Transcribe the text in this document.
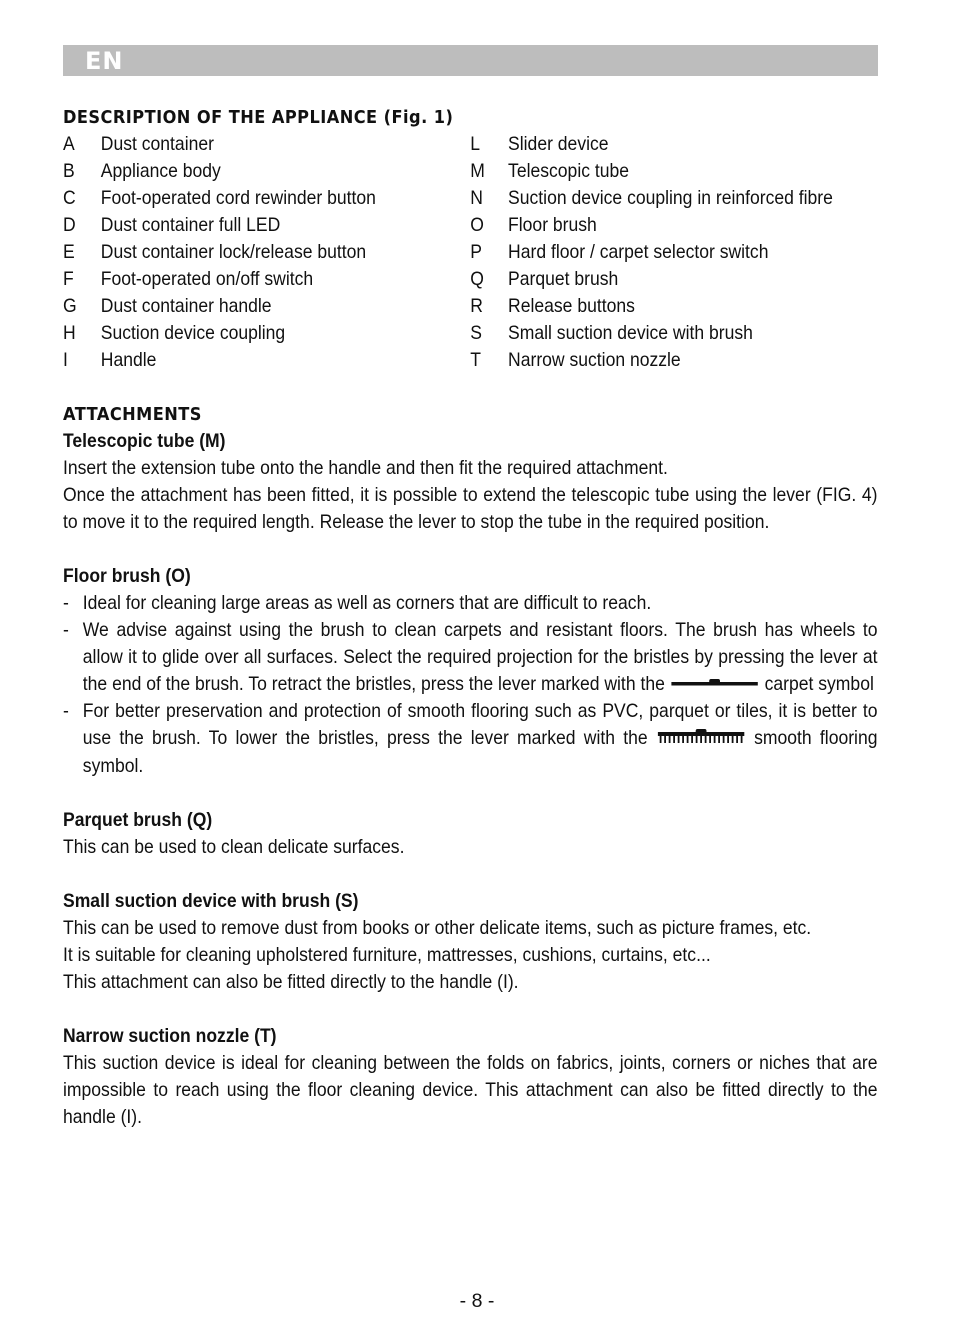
EN
DESCRIPTION OF THE APPLIANCE (Fig. 1)
A	Dust container
B	Appliance body
C	Foot-operated cord rewinder button
D	Dust container full LED
E	Dust container lock/release button
F	Foot-operated on/off switch
G	Dust container handle
H	Suction device coupling
I	Handle
L	Slider device
M	Telescopic tube
N	Suction device coupling in reinforced fibre
O	Floor brush
P	Hard floor / carpet selector switch
Q	Parquet brush
R	Release buttons
S	Small suction device with brush
T	Narrow suction nozzle
ATTACHMENTS
Telescopic tube (M)

Insert the extension tube onto the handle and then fit the required attachment.

Once the attachment has been fitted, it is possible to extend the telescopic tube using the lever (FIG. 4) to move it to the required length. Release the lever to stop the tube in the required position.

Floor brush (O)
- Ideal for cleaning large areas as well as corners that are difficult to reach.
- We advise against using the brush to clean carpets and resistant floors. The brush has wheels to allow it to glide over all surfaces. Select the required projection for the bristles by pressing the lever at the end of the brush. To retract the bristles, press the lever marked with the	carpet symbol
- For better preservation and protection of smooth flooring such as PVC, parquet or tiles, it is better to use the brush. To lower the bristles, press the lever marked with the	smooth flooring symbol.
Parquet brush (Q)

This can be used to clean delicate surfaces.

Small suction device with brush (S)

This can be used to remove dust from books or other delicate items, such as picture frames, etc.

It is suitable for cleaning upholstered furniture, mattresses, cushions, curtains, etc...

This attachment can also be fitted directly to the handle (I).

Narrow suction nozzle (T)

This suction device is ideal for cleaning between the folds on fabrics, joints, corners or niches that are impossible to reach using the floor cleaning device. This attachment can also be fitted directly to the handle (I).

- 8 -
